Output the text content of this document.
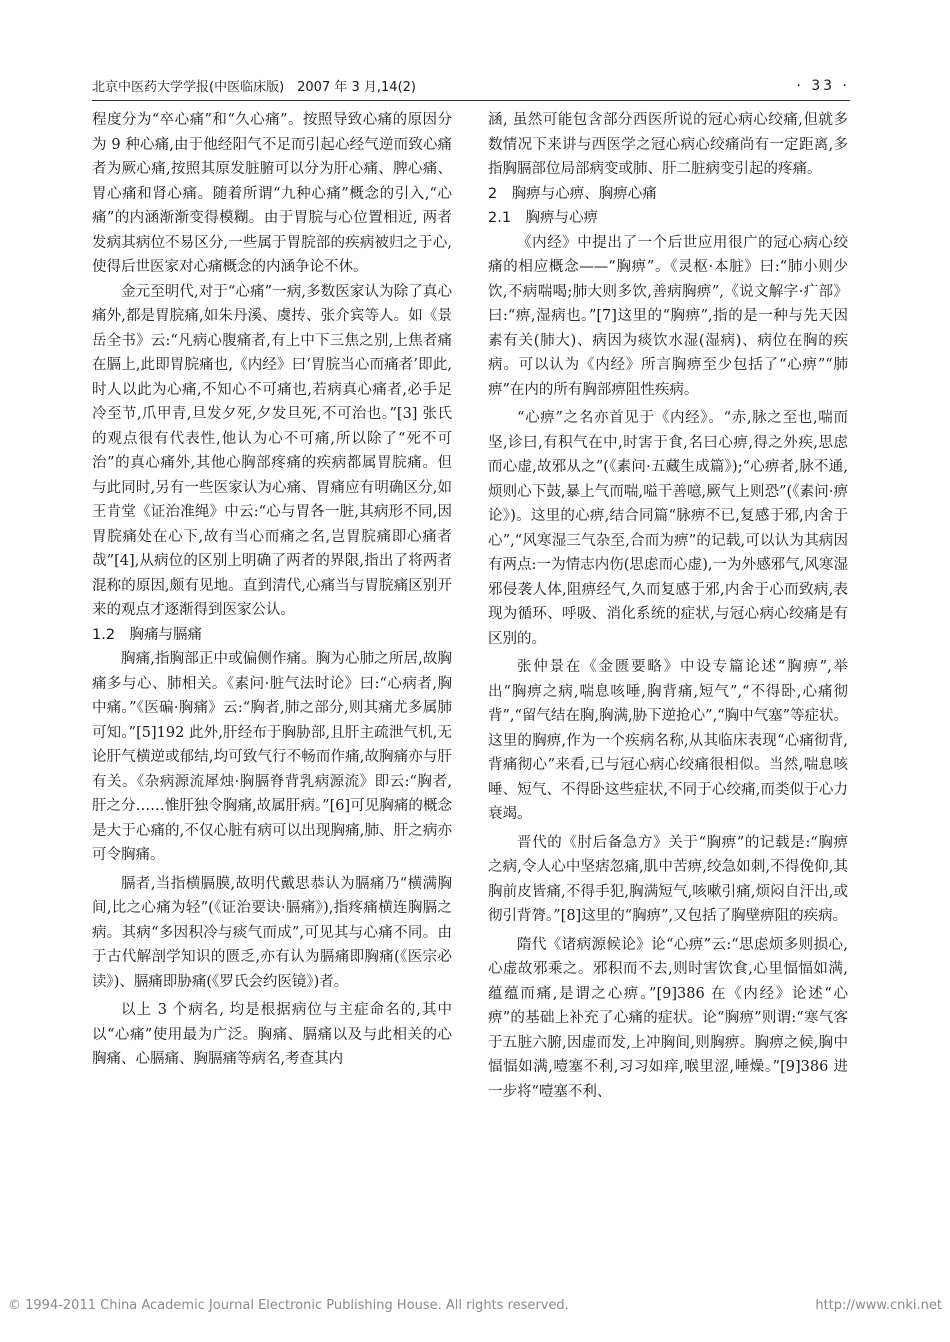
北京中医药大学学报(中医临床版)　2007 年 3 月,14(2)	· 33 ·

程度分为“卒心痛”和“久心痛”。按照导致心痛的原因分为 9 种心痛,由于他经阳气不足而引起心经气逆而致心痛者为厥心痛,按照其原发脏腑可以分为肝心痛、脾心痛、胃心痛和肾心痛。随着所谓“九种心痛”概念的引入,“心痛”的内涵渐渐变得模糊。由于胃脘与心位置相近, 两者发病其病位不易区分,一些属于胃脘部的疾病被归之于心,使得后世医家对心痛概念的内涵争论不休。

金元至明代,对于“心痛”一病,多数医家认为除了真心痛外,都是胃脘痛,如朱丹溪、虞抟、张介宾等人。如《景岳全书》云:“凡病心腹痛者,有上中下三焦之别,上焦者痛在膈上,此即胃脘痛也,《内经》曰‘胃脘当心而痛者’即此,时人以此为心痛,不知心不可痛也,若病真心痛者,必手足冷至节,爪甲青,旦发夕死,夕发旦死,不可治也。”[3] 张氏的观点很有代表性,他认为心不可痛,所以除了“死不可治”的真心痛外,其他心胸部疼痛的疾病都属胃脘痛。但与此同时,另有一些医家认为心痛、胃痛应有明确区分,如王肯堂《证治准绳》中云:“心与胃各一脏,其病形不同,因胃脘痛处在心下,故有当心而痛之名,岂胃脘痛即心痛者哉”[4],从病位的区别上明确了两者的界限,指出了将两者混称的原因,颇有见地。直到清代,心痛当与胃脘痛区别开来的观点才逐渐得到医家公认。

1.2　胸痛与膈痛

胸痛,指胸部正中或偏侧作痛。胸为心肺之所居,故胸痛多与心、肺相关。《素问·脏气法时论》曰:“心病者,胸中痛。”《医碥·胸痛》云:“胸者,肺之部分,则其痛尤多属肺可知。”[5]192 此外,肝经布于胸胁部,且肝主疏泄气机,无论肝气横逆或郁结,均可致气行不畅而作痛,故胸痛亦与肝有关。《杂病源流犀烛·胸膈脊背乳病源流》即云:“胸者,肝之分……惟肝独令胸痛,故属肝病。”[6]可见胸痛的概念是大于心痛的,不仅心脏有病可以出现胸痛,肺、肝之病亦可令胸痛。

膈者,当指横膈膜,故明代戴思恭认为膈痛乃“横满胸间,比之心痛为轻”(《证治要诀·膈痛》),指疼痛横连胸膈之病。其病“多因积冷与痰气而成”,可见其与心痛不同。由于古代解剖学知识的匮乏,亦有认为膈痛即胸痛(《医宗必读》)、膈痛即胁痛(《罗氏会约医镜》)者。

以上 3 个病名, 均是根据病位与主症命名的,其中以“心痛”使用最为广泛。胸痛、膈痛以及与此相关的心胸痛、心膈痛、胸膈痛等病名,考查其内

涵, 虽然可能包含部分西医所说的冠心病心绞痛,但就多数情况下来讲与西医学之冠心病心绞痛尚有一定距离,多指胸膈部位局部病变或肺、肝二脏病变引起的疼痛。

2　胸痹与心痹、胸痹心痛
2.1　胸痹与心痹

《内经》中提出了一个后世应用很广的冠心病心绞痛的相应概念——“胸痹”。《灵枢·本脏》曰:“肺小则少饮,不病喘喝;肺大则多饮,善病胸痹”,《说文解字·疒部》曰:“痹,湿病也。”[7]这里的“胸痹”,指的是一种与先天因素有关(肺大)、病因为痰饮水湿(湿病)、病位在胸的疾病。可以认为《内经》所言胸痹至少包括了“心痹”“肺痹”在内的所有胸部痹阻性疾病。

“心痹”之名亦首见于《内经》。“赤,脉之至也,喘而坚,诊曰,有积气在中,时害于食,名曰心痹,得之外疾,思虑而心虚,故邪从之”(《素问·五藏生成篇》);“心痹者,脉不通,烦则心下鼓,暴上气而喘,嗌干善噫,厥气上则恐”(《素问·痹论》)。这里的心痹,结合同篇“脉痹不已,复感于邪,内舍于心”,“风寒湿三气杂至,合而为痹”的记载,可以认为其病因有两点:一为情志内伤(思虑而心虚),一为外感邪气,风寒湿邪侵袭人体,阻痹经气,久而复感于邪,内舍于心而致病,表现为循环、呼吸、消化系统的症状,与冠心病心绞痛是有区别的。

张仲景在《金匮要略》中设专篇论述“胸痹”,举出“胸痹之病,喘息咳唾,胸背痛,短气”,“不得卧,心痛彻背”,“留气结在胸,胸满,胁下逆抢心”,“胸中气塞”等症状。这里的胸痹,作为一个疾病名称,从其临床表现“心痛彻背,背痛彻心”来看,已与冠心病心绞痛很相似。当然,喘息咳唾、短气、不得卧这些症状,不同于心绞痛,而类似于心力衰竭。

晋代的《肘后备急方》关于“胸痹”的记载是:“胸痹之病,令人心中坚痞忽痛,肌中苦痹,绞急如刺,不得俛仰,其胸前皮皆痛,不得手犯,胸满短气,咳嗽引痛,烦闷自汗出,或彻引背膂。”[8]这里的“胸痹”,又包括了胸壁痹阻的疾病。

隋代《诸病源候论》论“心痹”云:“思虑烦多则损心,心虚故邪乘之。邪积而不去,则时害饮食,心里愊愊如满,蕴蕴而痛,是谓之心痹。”[9]386 在《内经》论述“心痹”的基础上补充了心痛的症状。论“胸痹”则谓:“寒气客于五脏六腑,因虚而发,上冲胸间,则胸痹。胸痹之候,胸中愊愊如满,噎塞不利,习习如痒,喉里涩,唾燥。”[9]386 进一步将“噎塞不利、

© 1994-2011 China Academic Journal Electronic Publishing House. All rights reserved.	http://www.cnki.net
